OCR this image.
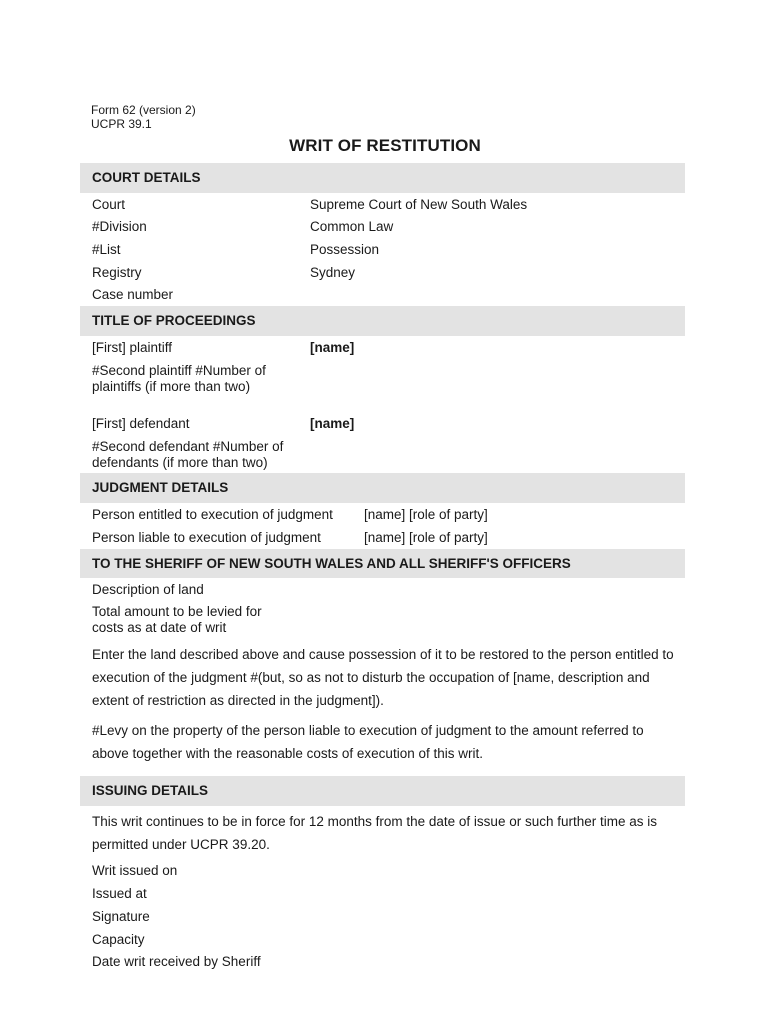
Form 62 (version 2)
UCPR 39.1
WRIT OF RESTITUTION
COURT DETAILS
Court	Supreme Court of New South Wales
#Division	Common Law
#List	Possession
Registry	Sydney
Case number
TITLE OF PROCEEDINGS
[First] plaintiff	[name]
#Second plaintiff #Number of
plaintiffs (if more than two)
[First] defendant	[name]
#Second defendant #Number of
defendants (if more than two)
JUDGMENT DETAILS
Person entitled to execution of judgment [name] [role of party]
Person liable to execution of judgment	[name] [role of party]
TO THE SHERIFF OF NEW SOUTH WALES AND ALL SHERIFF'S OFFICERS
Description of land
Total amount to be levied for
costs as at date of writ
Enter the land described above and cause possession of it to be restored to the person entitled to execution of the judgment #(but, so as not to disturb the occupation of [name, description and extent of restriction as directed in the judgment]).
#Levy on the property of the person liable to execution of judgment to the amount referred to above together with the reasonable costs of execution of this writ.
ISSUING DETAILS
This writ continues to be in force for 12 months from the date of issue or such further time as is permitted under UCPR 39.20.
Writ issued on
Issued at
Signature
Capacity
Date writ received by Sheriff
